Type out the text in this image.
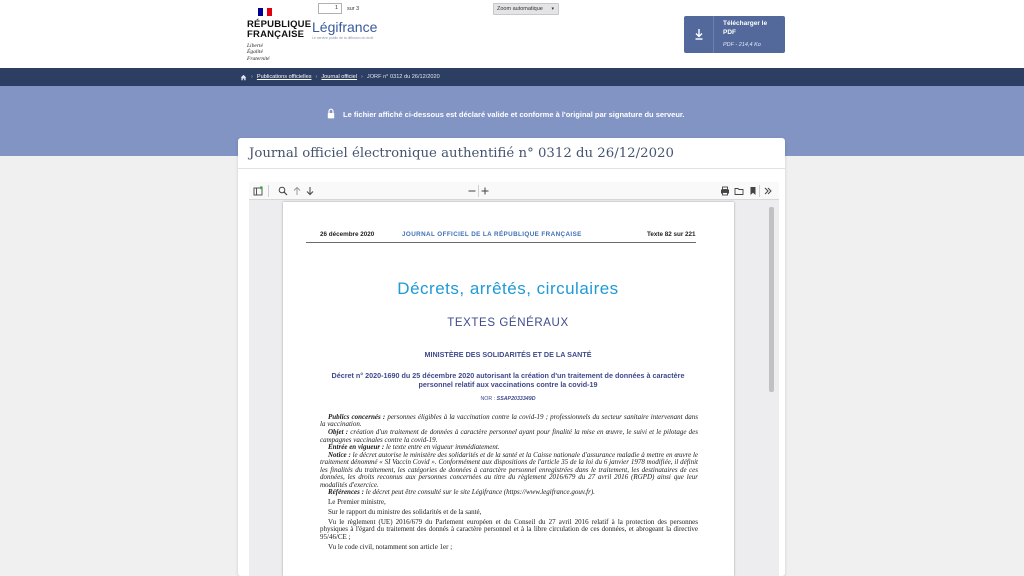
RÉPUBLIQUE
FRANÇAISE
Liberté
Égalité
Fraternité
Légifrance
Le service public de la diffusion du droit
Télécharger le PDF
PDF - 214,4 Ko
› Publications officielles › Journal officiel › JORF n° 0312 du 26/12/2020
Le fichier affiché ci-dessous est déclaré valide et conforme à l'original par signature du serveur.
Journal officiel électronique authentifié n° 0312 du 26/12/2020
1	sur 3	Zoom automatique ▾
26 décembre 2020	JOURNAL OFFICIEL DE LA RÉPUBLIQUE FRANÇAISE	Texte 82 sur 221
Décrets, arrêtés, circulaires
TEXTES GÉNÉRAUX
MINISTÈRE DES SOLIDARITÉS ET DE LA SANTÉ
Décret n° 2020-1690 du 25 décembre 2020 autorisant la création d'un traitement de données à caractère personnel relatif aux vaccinations contre la covid-19
NOR : SSAP2033349D

Publics concernés : personnes éligibles à la vaccination contre la covid-19 ; professionnels du secteur sanitaire intervenant dans la vaccination.

Objet : création d'un traitement de données à caractère personnel ayant pour finalité la mise en œuvre, le suivi et le pilotage des campagnes vaccinales contre la covid-19.

Entrée en vigueur : le texte entre en vigueur immédiatement.

Notice : le décret autorise le ministère des solidarités et de la santé et la Caisse nationale d'assurance maladie à mettre en œuvre le traitement dénommé « SI Vaccin Covid ». Conformément aux dispositions de l'article 35 de la loi du 6 janvier 1978 modifiée, il définit les finalités du traitement, les catégories de données à caractère personnel enregistrées dans le traitement, les destinataires de ces données, les droits reconnus aux personnes concernées au titre du règlement 2016/679 du 27 avril 2016 (RGPD) ainsi que leur modalités d'exercice.

Références : le décret peut être consulté sur le site Légifrance (https://www.legifrance.gouv.fr).

Le Premier ministre,

Sur le rapport du ministre des solidarités et de la santé,

Vu le règlement (UE) 2016/679 du Parlement européen et du Conseil du 27 avril 2016 relatif à la protection des personnes physiques à l'égard du traitement des donnés à caractère personnel et à la libre circulation de ces données, et abrogeant la directive 95/46/CE ;

Vu le code civil, notamment son article 1er ;
